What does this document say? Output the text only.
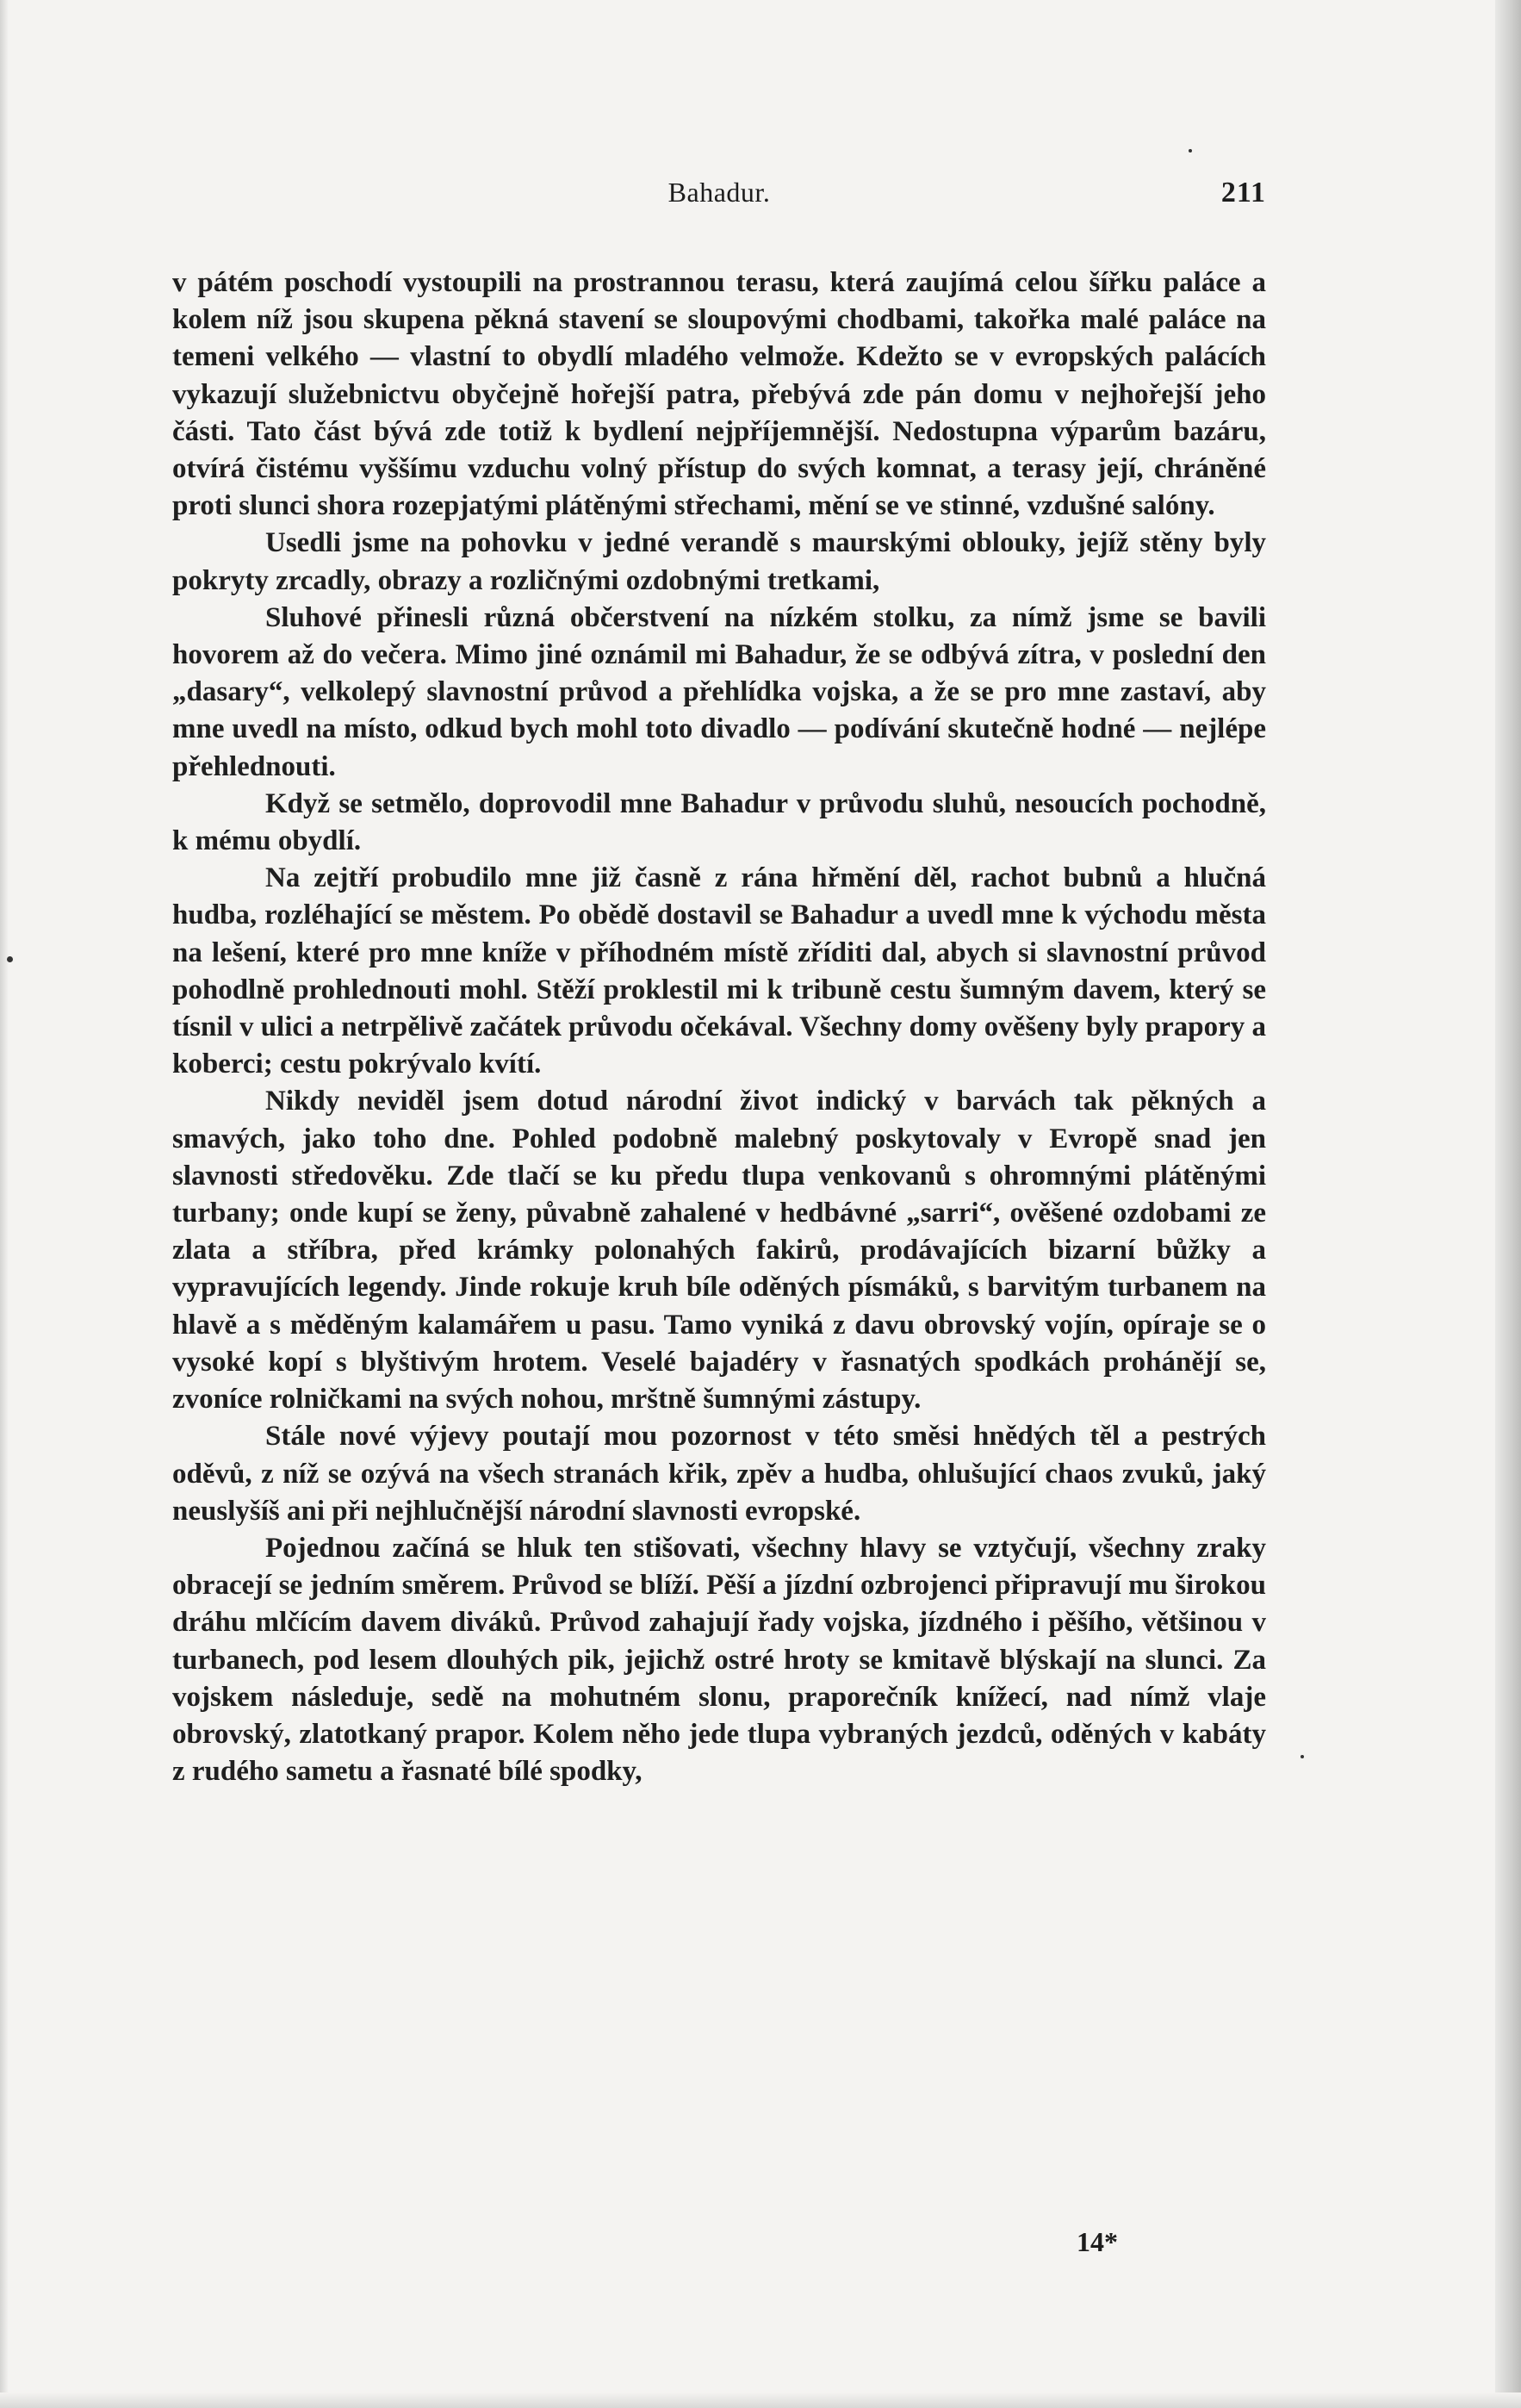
Bahadur.	211

v pátém poschodí vystoupili na prostrannou terasu, která zaujímá celou šířku paláce a kolem níž jsou skupena pěkná stavení se sloupovými chodbami, takořka malé paláce na temeni velkého — vlastní to obydlí mladého velmože. Kdežto se v evropských palácích vykazují služebnictvu obyčejně hořejší patra, přebývá zde pán domu v nejhořejší jeho části. Tato část bývá zde totiž k bydlení nejpříjemnější. Nedostupna výparům bazáru, otvírá čistému vyššímu vzduchu volný přístup do svých komnat, a terasy její, chráněné proti slunci shora rozepjatými plátěnými střechami, mění se ve stinné, vzdušné salóny.

Usedli jsme na pohovku v jedné verandě s maurskými oblouky, jejíž stěny byly pokryty zrcadly, obrazy a rozličnými ozdobnými tretkami,

Sluhové přinesli různá občerstvení na nízkém stolku, za nímž jsme se bavili hovorem až do večera. Mimo jiné oznámil mi Bahadur, že se odbývá zítra, v poslední den „dasary“, velkolepý slavnostní průvod a přehlídka vojska, a že se pro mne zastaví, aby mne uvedl na místo, odkud bych mohl toto divadlo — podívání skutečně hodné — nejlépe přehlednouti.

Když se setmělo, doprovodil mne Bahadur v průvodu sluhů, nesoucích pochodně, k mému obydlí.

Na zejtří probudilo mne již časně z rána hřmění děl, rachot bubnů a hlučná hudba, rozléhající se městem. Po obědě dostavil se Bahadur a uvedl mne k východu města na lešení, které pro mne kníže v příhodném místě zříditi dal, abych si slavnostní průvod pohodlně prohlednouti mohl. Stěží proklestil mi k tribuně cestu šumným davem, který se tísnil v ulici a netrpělivě začátek průvodu očekával. Všechny domy ověšeny byly prapory a koberci; cestu pokrývalo kvítí.

Nikdy neviděl jsem dotud národní život indický v barvách tak pěkných a smavých, jako toho dne. Pohled podobně malebný poskytovaly v Evropě snad jen slavnosti středověku. Zde tlačí se ku předu tlupa venkovanů s ohromnými plátěnými turbany; onde kupí se ženy, půvabně zahalené v hedbávné „sarri“, ověšené ozdobami ze zlata a stříbra, před krámky polonahých fakirů, prodávajících bizarní bůžky a vypravujících legendy. Jinde rokuje kruh bíle oděných písmáků, s barvitým turbanem na hlavě a s měděným kalamářem u pasu. Tamo vyniká z davu obrovský vojín, opíraje se o vysoké kopí s blyštivým hrotem. Veselé bajadéry v řasnatých spodkách prohánějí se, zvoníce rolničkami na svých nohou, mrštně šumnými zástupy.

Stále nové výjevy poutají mou pozornost v této směsi hnědých těl a pestrých oděvů, z níž se ozývá na všech stranách křik, zpěv a hudba, ohlušující chaos zvuků, jaký neuslyšíš ani při nejhlučnější národní slavnosti evropské.

Pojednou začíná se hluk ten stišovati, všechny hlavy se vztyčují, všechny zraky obracejí se jedním směrem. Průvod se blíží. Pěší a jízdní ozbrojenci připravují mu širokou dráhu mlčícím davem diváků. Průvod zahajují řady vojska, jízdného i pěšího, většinou v turbanech, pod lesem dlouhých pik, jejichž ostré hroty se kmitavě blýskají na slunci. Za vojskem následuje, sedě na mohutném slonu, praporečník knížecí, nad nímž vlaje obrovský, zlatotkaný prapor. Kolem něho jede tlupa vybraných jezdců, oděných v kabáty z rudého sametu a řasnaté bílé spodky,

14*
